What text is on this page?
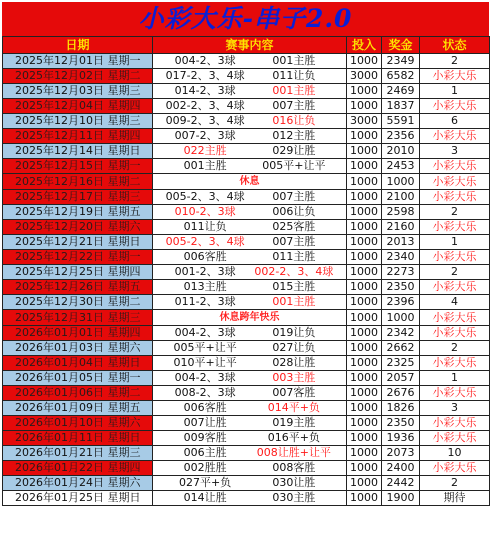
小彩大乐-串子2.0
日期	赛事内容	投入	奖金	状态
2025年12月01日 星期一	004-2、3球 001主胜	1000	2349	2
2025年12月02日 星期二	017-2、3、4球 011让负	3000	6582	小彩大乐
2025年12月03日 星期三	014-2、3球 001主胜	1000	2469	1
2025年12月04日 星期四	002-2、3、4球 007主胜	1000	1837	小彩大乐
2025年12月10日 星期三	009-2、3、4球 016让负	3000	5591	6
2025年12月11日 星期四	007-2、3球 012主胜	1000	2356	小彩大乐
2025年12月14日 星期日	022主胜 029让胜	1000	2010	3
2025年12月15日 星期一	001主胜 005平+让平	1000	2453	小彩大乐
2025年12月16日 星期二	休息	1000	1000	小彩大乐
2025年12月17日 星期三	005-2、3、4球 007主胜	1000	2100	小彩大乐
2025年12月19日 星期五	010-2、3球 006让负	1000	2598	2
2025年12月20日 星期六	011让负 025客胜	1000	2160	小彩大乐
2025年12月21日 星期日	005-2、3、4球 007主胜	1000	2013	1
2025年12月22日 星期一	006客胜 011主胜	1000	2340	小彩大乐
2025年12月25日 星期四	001-2、3球 002-2、3、4球	1000	2273	2
2025年12月26日 星期五	013主胜 015主胜	1000	2350	小彩大乐
2025年12月30日 星期二	011-2、3球 001主胜	1000	2396	4
2025年12月31日 星期三	休息跨年快乐	1000	1000	小彩大乐
2026年01月01日 星期四	004-2、3球 019让负	1000	2342	小彩大乐
2026年01月03日 星期六	005平+让平 027让负	1000	2662	2
2026年01月04日 星期日	010平+让平 028让胜	1000	2325	小彩大乐
2026年01月05日 星期一	004-2、3球 003主胜	1000	2057	1
2026年01月06日 星期二	008-2、3球 007客胜	1000	2676	小彩大乐
2026年01月09日 星期五	006客胜 014平+负	1000	1826	3
2026年01月10日 星期六	007让胜 019主胜	1000	2350	小彩大乐
2026年01月11日 星期日	009客胜 016平+负	1000	1936	小彩大乐
2026年01月21日 星期三	006主胜 008让胜+让平	1000	2073	10
2026年01月22日 星期四	002胜胜 008客胜	1000	2400	小彩大乐
2026年01月24日 星期六	027平+负 030让胜	1000	2442	2
2026年01月25日 星期日	014让胜 030主胜	1000	1900	期待
